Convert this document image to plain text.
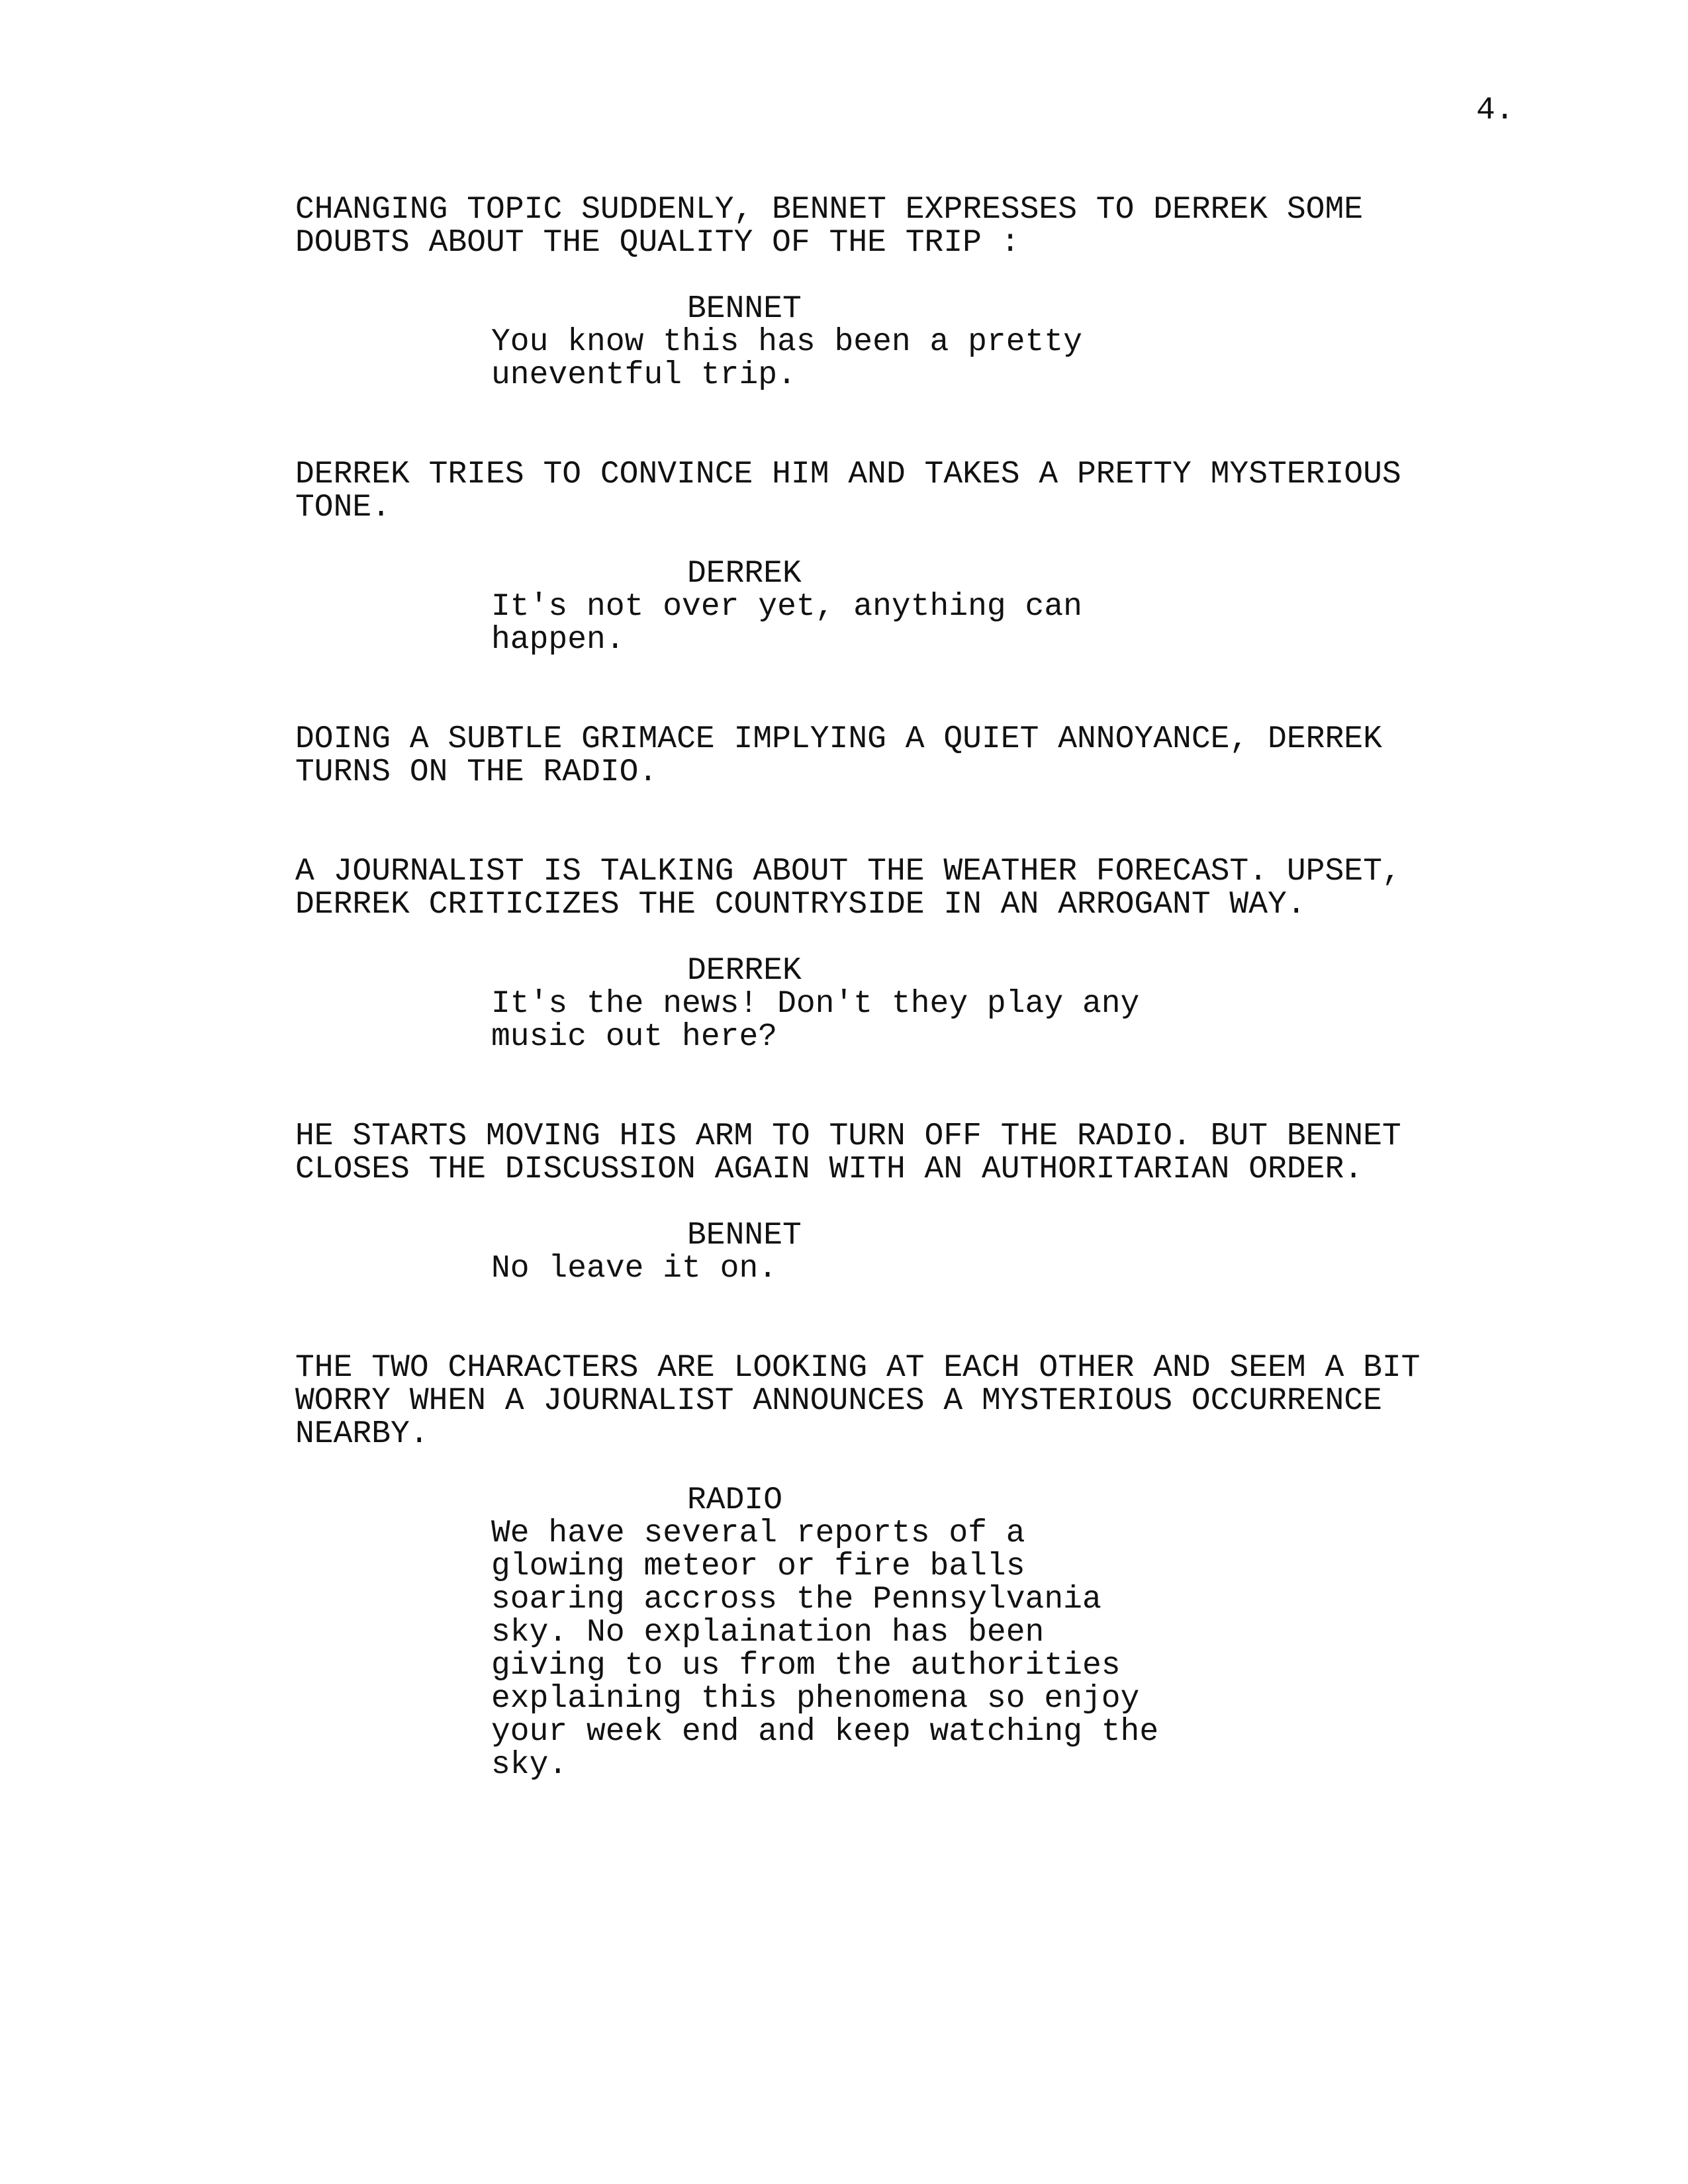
4.
CHANGING TOPIC SUDDENLY, BENNET EXPRESSES TO DERREK SOME
DOUBTS ABOUT THE QUALITY OF THE TRIP :
BENNET
You know this has been a pretty
uneventful trip.
DERREK TRIES TO CONVINCE HIM AND TAKES A PRETTY MYSTERIOUS
TONE.
DERREK
It's not over yet, anything can
happen.
DOING A SUBTLE GRIMACE IMPLYING A QUIET ANNOYANCE, DERREK
TURNS ON THE RADIO.
A JOURNALIST IS TALKING ABOUT THE WEATHER FORECAST. UPSET,
DERREK CRITICIZES THE COUNTRYSIDE IN AN ARROGANT WAY.
DERREK
It's the news! Don't they play any
music out here?
HE STARTS MOVING HIS ARM TO TURN OFF THE RADIO. BUT BENNET
CLOSES THE DISCUSSION AGAIN WITH AN AUTHORITARIAN ORDER.
BENNET
No leave it on.
THE TWO CHARACTERS ARE LOOKING AT EACH OTHER AND SEEM A BIT
WORRY WHEN A JOURNALIST ANNOUNCES A MYSTERIOUS OCCURRENCE
NEARBY.
RADIO
We have several reports of a
glowing meteor or fire balls
soaring accross the Pennsylvania
sky. No explaination has been
giving to us from the authorities
explaining this phenomena so enjoy
your week end and keep watching the
sky.
